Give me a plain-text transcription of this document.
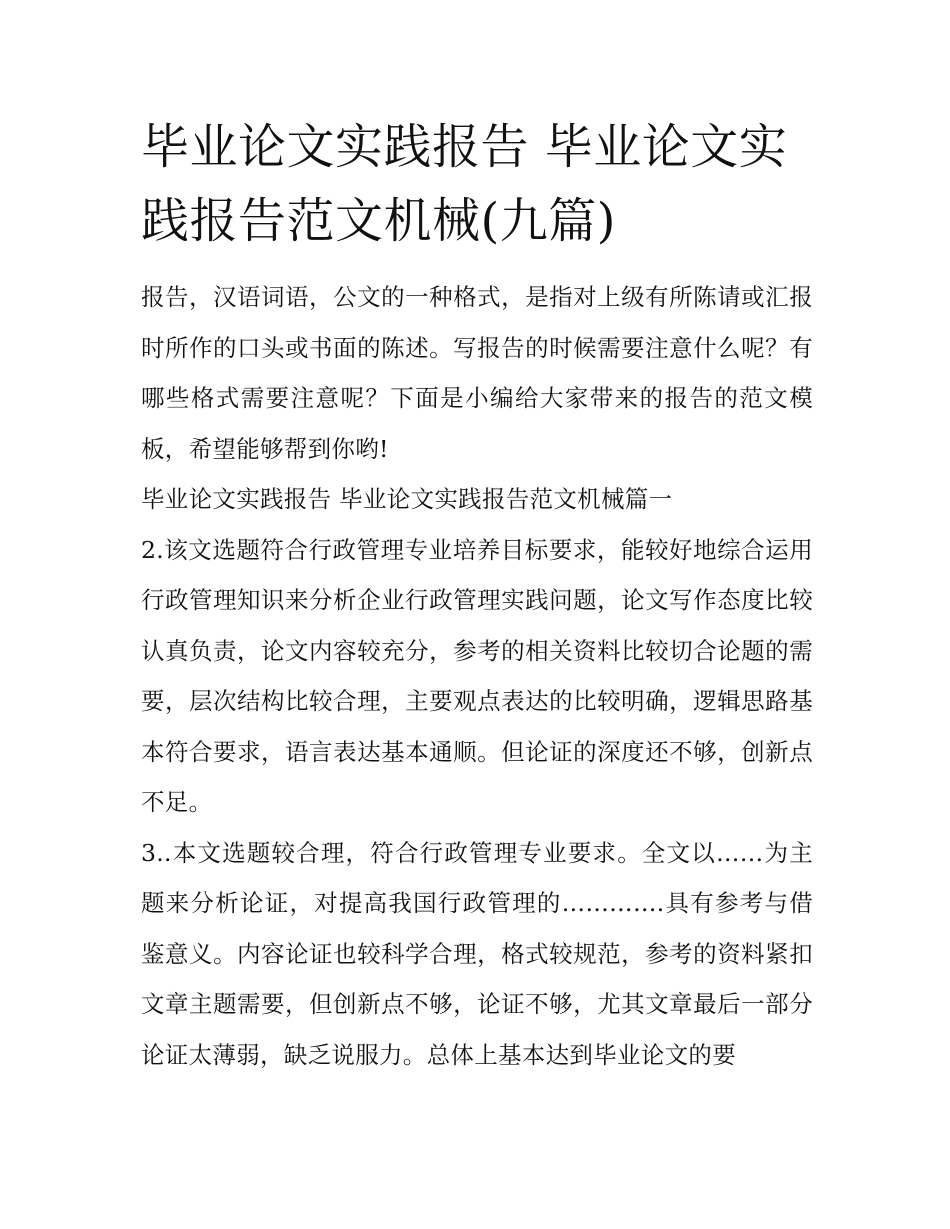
毕业论文实践报告 毕业论文实践报告范文机械(九篇)

报告，汉语词语，公文的一种格式，是指对上级有所陈请或汇报时所作的口头或书面的陈述。写报告的时候需要注意什么呢？有哪些格式需要注意呢？下面是小编给大家带来的报告的范文模板，希望能够帮到你哟!

毕业论文实践报告 毕业论文实践报告范文机械篇一

2.该文选题符合行政管理专业培养目标要求，能较好地综合运用行政管理知识来分析企业行政管理实践问题，论文写作态度比较认真负责，论文内容较充分，参考的相关资料比较切合论题的需要，层次结构比较合理，主要观点表达的比较明确，逻辑思路基本符合要求，语言表达基本通顺。但论证的深度还不够，创新点不足。

3..本文选题较合理，符合行政管理专业要求。全文以……为主题来分析论证，对提高我国行政管理的………….具有参考与借鉴意义。内容论证也较科学合理，格式较规范，参考的资料紧扣文章主题需要，但创新点不够，论证不够，尤其文章最后一部分论证太薄弱，缺乏说服力。总体上基本达到毕业论文的要
